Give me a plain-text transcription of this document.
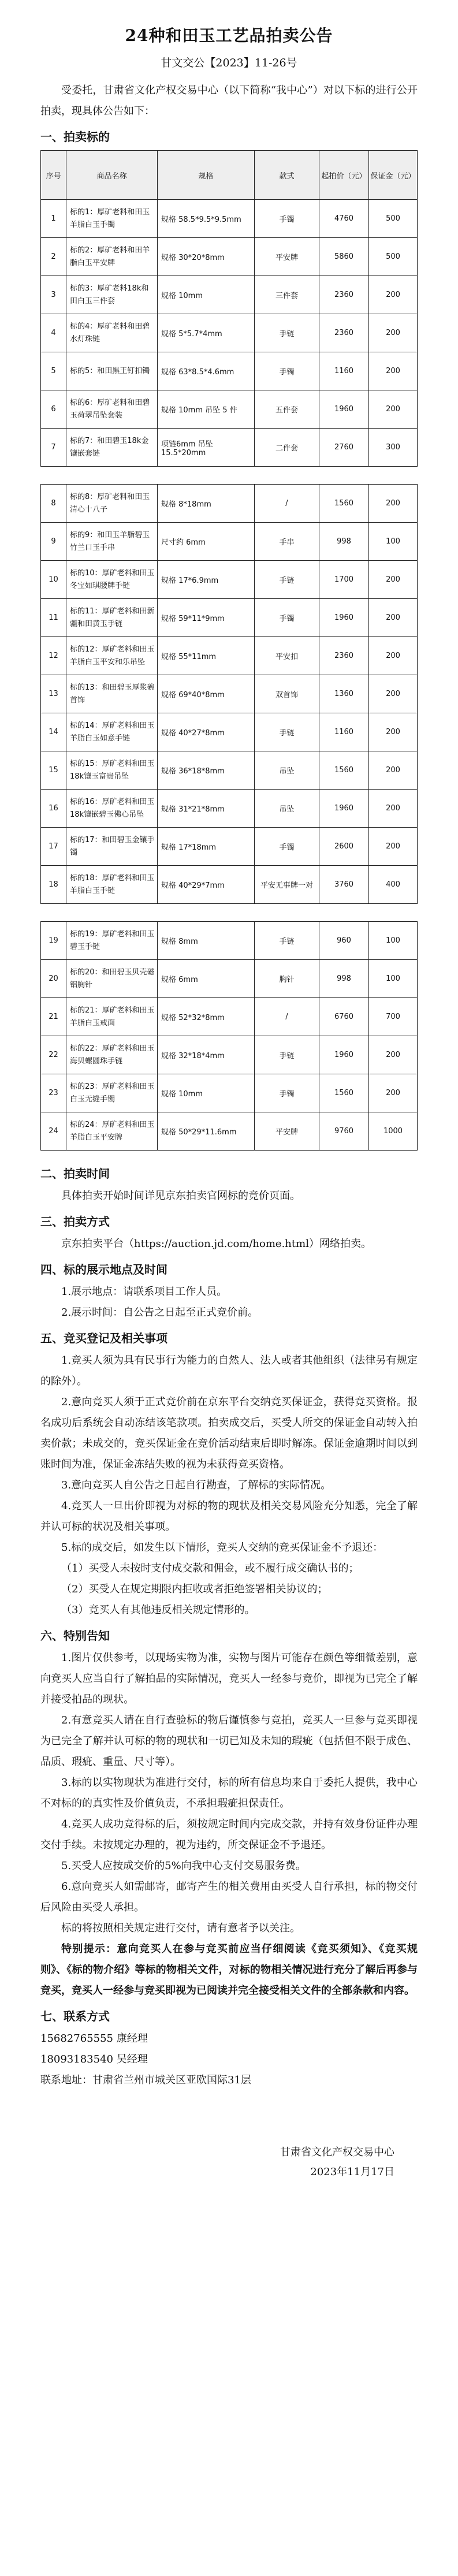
24种和田玉工艺品拍卖公告
甘文交公【2023】11-26号
受委托，甘肃省文化产权交易中心（以下简称“我中心”）对以下标的进行公开拍卖，现具体公告如下：
一、拍卖标的
序号	商品名称	规格	款式	起拍价（元）	保证金（元）
1	标的1：厚矿老料和田玉羊脂白玉手镯	规格 58.5*9.5*9.5mm	手镯	4760	500
2	标的2：厚矿老料和田羊脂白玉平安牌	规格 30*20*8mm	平安牌	5860	500
3	标的3：厚矿老料18k和田白玉三件套	规格 10mm	三件套	2360	200
4	标的4：厚矿老料和田碧水灯珠链	规格 5*5.7*4mm	手链	2360	200
5	标的5：和田黑王钉扣镯	规格 63*8.5*4.6mm	手镯	1160	200
6	标的6：厚矿老料和田碧玉荷翠吊坠套装	规格 10mm 吊坠 5 件	五件套	1960	200
7	标的7：和田碧玉18k金镶嵌套链	项链6mm 吊坠 15.5*20mm	二件套	2760	300
8	标的8：厚矿老料和田玉清心十八子	规格 8*18mm	/	1560	200
9	标的9：和田玉羊脂碧玉竹兰口玉手串	尺寸约 6mm	手串	998	100
10	标的10：厚矿老料和田玉冬宝如琪腰牌手链	规格 17*6.9mm	手链	1700	200
11	标的11：厚矿老料和田新疆和田黄玉手链	规格 59*11*9mm	手镯	1960	200
12	标的12：厚矿老料和田玉羊脂白玉平安和乐吊坠	规格 55*11mm	平安扣	2360	200
13	标的13：和田碧玉厚浆碗首饰	规格 69*40*8mm	双首饰	1360	200
14	标的14：厚矿老料和田玉羊脂白玉如意手链	规格 40*27*8mm	手链	1160	200
15	标的15：厚矿老料和田玉18k镶玉富贵吊坠	规格 36*18*8mm	吊坠	1560	200
16	标的16：厚矿老料和田玉18k镶嵌碧玉佛心吊坠	规格 31*21*8mm	吊坠	1960	200
17	标的17：和田碧玉金镶手镯	规格 17*18mm	手镯	2600	200
18	标的18：厚矿老料和田玉羊脂白玉手链	规格 40*29*7mm	平安无事牌一对	3760	400
19	标的19：厚矿老料和田玉碧玉手链	规格 8mm	手链	960	100
20	标的20：和田碧玉贝壳磁铝胸针	规格 6mm	胸针	998	100
21	标的21：厚矿老料和田玉羊脂白玉戒面	规格 52*32*8mm	/	6760	700
22	标的22：厚矿老料和田玉海贝螺圆珠手链	规格 32*18*4mm	手链	1960	200
23	标的23：厚矿老料和田玉白玉无缝手镯	规格 10mm	手镯	1560	200
24	标的24：厚矿老料和田玉羊脂白玉平安牌	规格 50*29*11.6mm	平安牌	9760	1000
二、拍卖时间
具体拍卖开始时间详见京东拍卖官网标的竞价页面。
三、拍卖方式
京东拍卖平台（https://auction.jd.com/home.html）网络拍卖。
四、标的展示地点及时间
1.展示地点：请联系项目工作人员。
2.展示时间：自公告之日起至正式竞价前。
五、竞买登记及相关事项
1.竞买人须为具有民事行为能力的自然人、法人或者其他组织（法律另有规定的除外）。
2.意向竞买人须于正式竞价前在京东平台交纳竞买保证金，获得竞买资格。报名成功后系统会自动冻结该笔款项。拍卖成交后，买受人所交的保证金自动转入拍卖价款；未成交的，竞买保证金在竞价活动结束后即时解冻。保证金逾期时间以到账时间为准，保证金冻结失败的视为未获得竞买资格。
3.意向竞买人自公告之日起自行勘查，了解标的实际情况。
4.竞买人一旦出价即视为对标的物的现状及相关交易风险充分知悉，完全了解并认可标的状况及相关事项。
5.标的成交后，如发生以下情形，竞买人交纳的竞买保证金不予退还：
（1）买受人未按时支付成交款和佣金，或不履行成交确认书的；
（2）买受人在规定期限内拒收或者拒绝签署相关协议的；
（3）竞买人有其他违反相关规定情形的。
六、特别告知
1.图片仅供参考，以现场实物为准，实物与图片可能存在颜色等细微差别，意向竞买人应当自行了解拍品的实际情况，竞买人一经参与竞价，即视为已完全了解并接受拍品的现状。
2.有意竞买人请在自行查验标的物后谨慎参与竞拍，竞买人一旦参与竞买即视为已完全了解并认可标的物的现状和一切已知及未知的瑕疵（包括但不限于成色、品质、瑕疵、重量、尺寸等）。
3.标的以实物现状为准进行交付，标的所有信息均来自于委托人提供，我中心不对标的的真实性及价值负责，不承担瑕疵担保责任。
4.竞买人成功竞得标的后，须按规定时间内完成交款，并持有效身份证件办理交付手续。未按规定办理的，视为违约，所交保证金不予退还。
5.买受人应按成交价的5%向我中心支付交易服务费。
6.意向竞买人如需邮寄，邮寄产生的相关费用由买受人自行承担，标的物交付后风险由买受人承担。
标的将按照相关规定进行交付，请有意者予以关注。
特别提示：意向竞买人在参与竞买前应当仔细阅读《竞买须知》、《竞买规则》、《标的物介绍》等标的物相关文件，对标的物相关情况进行充分了解后再参与竞买，竞买人一经参与竞买即视为已阅读并完全接受相关文件的全部条款和内容。
七、联系方式
15682765555 康经理
18093183540 吴经理
联系地址：甘肃省兰州市城关区亚欧国际31层
甘肃省文化产权交易中心
2023年11月17日
